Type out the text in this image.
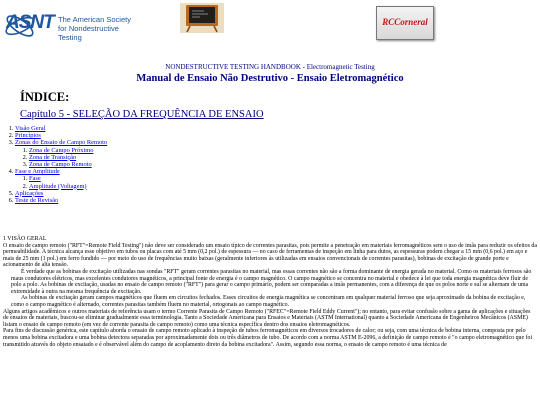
ASNT The American Society for Nondestructive Testing
RCCorneral
NONDESTRUCTIVE TESTING HANDBOOK - Electromagnetic Testing
Manual de Ensaio Não Destrutivo - Ensaio Eletromagnético
ÍNDICE:
Capítulo 5 - SELEÇÃO DA FREQUÊNCIA DE ENSAIO
1. Visão Geral
2. Princípios
3. Zonas do Ensaio de Campo Remoto
1. Zona de Campo Próximo
2. Zona de Transição
3. Zona de Campo Remoto
4. Fase e Amplitude
1. Fase
2. Amplitude (Voltagem)
5. Aplicações
6. Teste de Revisão

1 VISÃO GERAL

O ensaio de campo remoto ("RFT"=Remote Field Testing") não deve ser considerado um ensaio típico de correntes parasitas, pois permite a penetração em materiais ferromagnéticos sem o uso de imãs para reduzir os efeitos da permeabilidade. A técnica alcança esse objetivo em tubos ou placas com até 5 mm (0,2 pol.) de espessura — no caso de ferramentas de inspeção em linha para dutos, as espessuras podem chegar a 15 mm (0,6 pol.) em aço e mais de 25 mm (1 pol.) em ferro fundido — por meio do uso de frequências muito baixas (geralmente inferiores às utilizadas em ensaios convencionais de correntes parasitas), bobinas de excitação de grande porte e acionamento de alta tensão.

É verdade que as bobinas de excitação utilizadas nas sondas "RFT" geram correntes parasitas no material, mas essas correntes não são a forma dominante de energia gerada no material. Como os materiais ferrosos são maus condutores elétricos, mas excelentes condutores magnéticos, a principal fonte de energia é o campo magnético. O campo magnético se concentra no material e obedece à lei que toda energia magnética deve fluir de polo a polo. As bobinas de excitação, usadas no ensaio de campo remoto ("RFT") para gerar o campo primário, podem ser comparadas a imãs permanentes, com a diferença de que os polos norte e sul se alternam de uma extremidade à outra na mesma frequência de excitação.

As bobinas de excitação geram campos magnéticos que fluem em circuitos fechados. Esses circuitos de energia magnética se concentram em qualquer material ferroso que seja aproximado da bobina de excitação e, como o campo magnético é alternado, correntes parasitas também fluem no material, ortogonais ao campo magnético.

Alguns artigos acadêmicos e outros materiais de referência usam o termo Corrente Parasita de Campo Remoto ("RFEC"=Remote Field Eddy Current"); no entanto, para evitar confusão sobre a gama de aplicações e situações de ensaios de materiais, buscou-se eliminar gradualmente essa terminologia. Tanto a Sociedade Americana para Ensaios e Materiais (ASTM International) quanto a Sociedade Americana de Engenheiros Mecânicos (ASME) listam o ensaio de campo remoto (em vez de corrente parasita de campo remoto) como uma técnica específica dentro dos ensaios eletromagnéticos.

Para fins de discussão genérica, este capítulo aborda o ensaio de campo remoto aplicado à inspeção de tubos ferromagnéticos em diversos trocadores de calor; ou seja, com uma técnica de bobina interna, composta por pelo menos uma bobina excitadora e uma bobina detectora separadas por aproximadamente dois ou três diâmetros de tubo. De acordo com a norma ASTM E-2096, a definição de campo remoto é "o campo eletromagnético que foi transmitido através do objeto ensaiado e é observável além do campo de acoplamento direto da bobina excitadora". Assim, segundo essa norma, o ensaio de campo remoto é uma técnica de
